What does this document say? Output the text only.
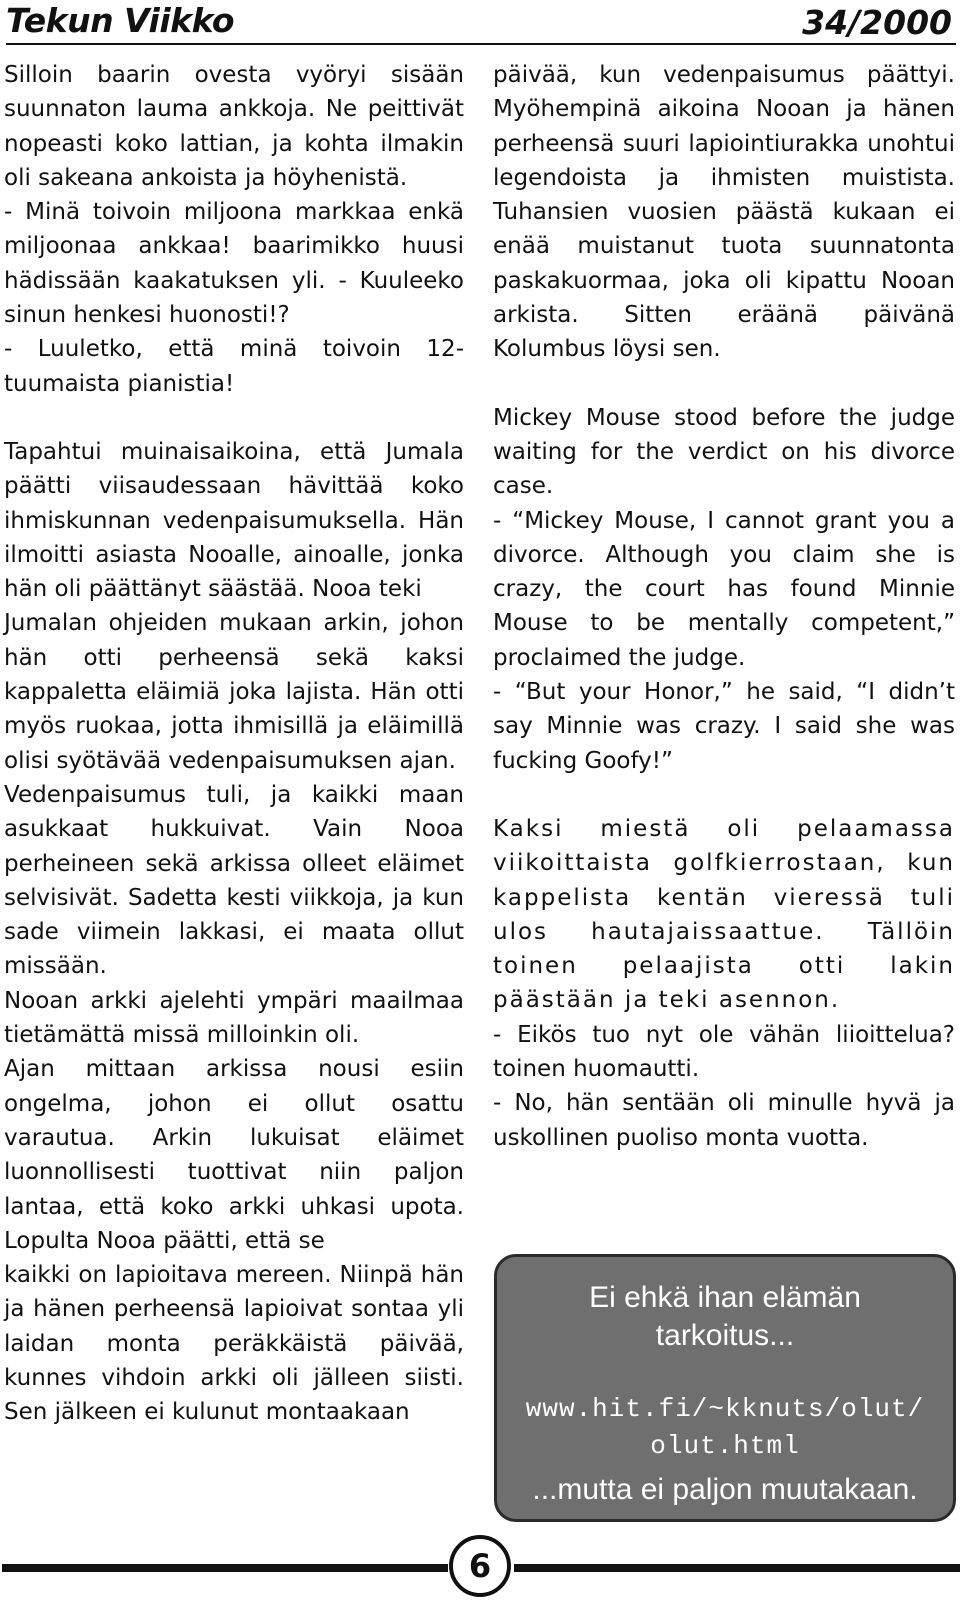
Tekun Viikko	34/2000

Silloin baarin ovesta vyöryi sisään suunnaton lauma ankkoja. Ne peittivät nopeasti koko lattian, ja kohta ilmakin oli sakeana ankoista ja höyhenistä.

- Minä toivoin miljoona markkaa enkä miljoonaa ankkaa! baarimikko huusi hädissään kaakatuksen yli. - Kuuleeko sinun henkesi huonosti!?

- Luuletko, että minä toivoin 12-tuumaista pianistia!

Tapahtui muinaisaikoina, että Jumala päätti viisaudessaan hävittää koko ihmiskunnan vedenpaisumuksella. Hän ilmoitti asiasta Nooalle, ainoalle, jonka hän oli päättänyt säästää. Nooa teki

Jumalan ohjeiden mukaan arkin, johon hän otti perheensä sekä kaksi kappaletta eläimiä joka lajista. Hän otti myös ruokaa, jotta ihmisillä ja eläimillä olisi syötävää vedenpaisumuksen ajan.

Vedenpaisumus tuli, ja kaikki maan asukkaat hukkuivat. Vain Nooa perheineen sekä arkissa olleet eläimet selvisivät. Sadetta kesti viikkoja, ja kun sade viimein lakkasi, ei maata ollut missään.

Nooan arkki ajelehti ympäri maailmaa tietämättä missä milloinkin oli.

Ajan mittaan arkissa nousi esiin ongelma, johon ei ollut osattu varautua. Arkin lukuisat eläimet luonnollisesti tuottivat niin paljon lantaa, että koko arkki uhkasi upota. Lopulta Nooa päätti, että se

kaikki on lapioitava mereen. Niinpä hän ja hänen perheensä lapioivat sontaa yli laidan monta peräkkäistä päivää, kunnes vihdoin arkki oli jälleen siisti. Sen jälkeen ei kulunut montaakaan

päivää, kun vedenpaisumus päättyi. Myöhempinä aikoina Nooan ja hänen perheensä suuri lapiointiurakka unohtui legendoista ja ihmisten muistista. Tuhansien vuosien päästä kukaan ei enää muistanut tuota suunnatonta paskakuormaa, joka oli kipattu Nooan arkista. Sitten eräänä päivänä Kolumbus löysi sen.

Mickey Mouse stood before the judge waiting for the verdict on his divorce case.

- “Mickey Mouse, I cannot grant you a divorce. Although you claim she is crazy, the court has found Minnie Mouse to be mentally competent,” proclaimed the judge.

- “But your Honor,” he said, “I didn’t say Minnie was crazy. I said she was fucking Goofy!”

Kaksi miestä oli pelaamassa viikoittaista golfkierrostaan, kun kappelista kentän vieressä tuli ulos hautajaissaattue. Tällöin toinen pelaajista otti lakin päästään ja teki asennon.

- Eikös tuo nyt ole vähän liioittelua? toinen huomautti.

- No, hän sentään oli minulle hyvä ja uskollinen puoliso monta vuotta.

Ei ehkä ihan elämän tarkoitus...
www.hit.fi/~kknuts/olut/ olut.html
...mutta ei paljon muutakaan.
6
